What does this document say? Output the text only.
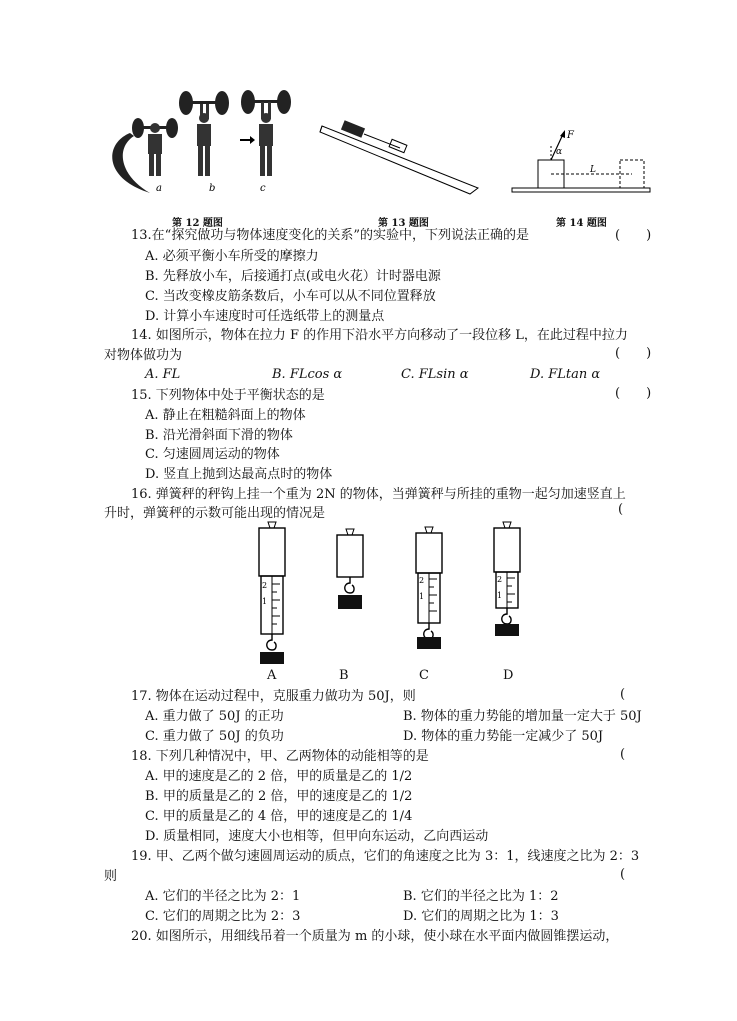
a	b	c
第 12 题图	第 13 题图
F
α
L
第 14 题图
13.在“探究做功与物体速度变化的关系”的实验中，下列说法正确的是	(　　)
A. 必须平衡小车所受的摩擦力
B. 先释放小车，后接通打点(或电火花）计时器电源
C. 当改变橡皮筋条数后，小车可以从不同位置释放
D. 计算小车速度时可任选纸带上的测量点
14. 如图所示，物体在拉力 F 的作用下沿水平方向移动了一段位移 L，在此过程中拉力
对物体做功为	(　　)
A. FL	B. FLcos α	C. FLsin α	D. FLtan α
15. 下列物体中处于平衡状态的是	(　　)
A. 静止在粗糙斜面上的物体
B. 沿光滑斜面下滑的物体
C. 匀速圆周运动的物体
D. 竖直上抛到达最高点时的物体
16. 弹簧秤的秤钩上挂一个重为 2N 的物体，当弹簧秤与所挂的重物一起匀加速竖直上
升时，弹簧秤的示数可能出现的情况是	(
2
1
2
1
2
1
A	B	C	D
17. 物体在运动过程中，克服重力做功为 50J，则	(
A. 重力做了 50J 的正功	B. 物体的重力势能的增加量一定大于 50J
C. 重力做了 50J 的负功	D. 物体的重力势能一定减少了 50J
18. 下列几种情况中，甲、乙两物体的动能相等的是	(
A. 甲的速度是乙的 2 倍，甲的质量是乙的 1/2
B. 甲的质量是乙的 2 倍，甲的速度是乙的 1/2
C. 甲的质量是乙的 4 倍，甲的速度是乙的 1/4
D. 质量相同，速度大小也相等，但甲向东运动，乙向西运动
19. 甲、乙两个做匀速圆周运动的质点，它们的角速度之比为 3：1，线速度之比为 2：3
则	(
A. 它们的半径之比为 2：1	B. 它们的半径之比为 1：2
C. 它们的周期之比为 2：3	D. 它们的周期之比为 1：3
20. 如图所示，用细线吊着一个质量为 m 的小球，使小球在水平面内做圆锥摆运动，
